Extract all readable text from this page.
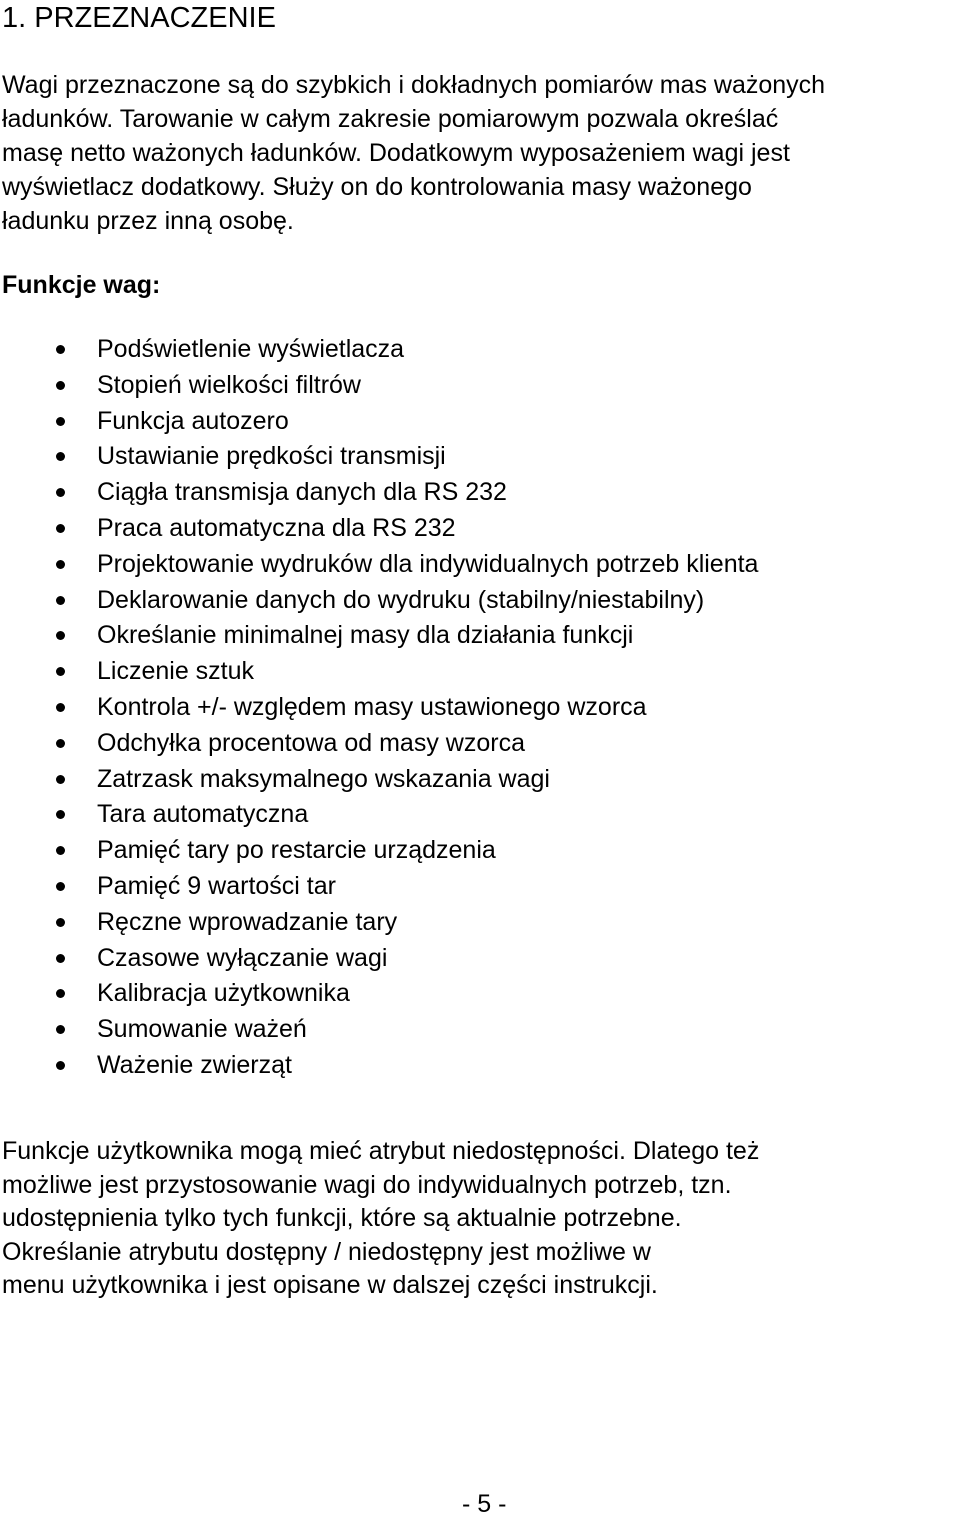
1. PRZEZNACZENIE

Wagi przeznaczone są do szybkich i dokładnych pomiarów mas ważonych
ładunków. Tarowanie w całym zakresie pomiarowym pozwala określać
masę netto ważonych ładunków. Dodatkowym wyposażeniem wagi jest
wyświetlacz dodatkowy. Służy on do kontrolowania masy ważonego
ładunku przez inną osobę.

Funkcje wag:
Podświetlenie wyświetlacza
Stopień wielkości filtrów
Funkcja autozero
Ustawianie prędkości transmisji
Ciągła transmisja danych dla RS 232
Praca automatyczna dla RS 232
Projektowanie wydruków dla indywidualnych potrzeb klienta
Deklarowanie danych do wydruku (stabilny/niestabilny)
Określanie minimalnej masy dla działania funkcji
Liczenie sztuk
Kontrola +/- względem masy ustawionego wzorca
Odchyłka procentowa od masy wzorca
Zatrzask maksymalnego wskazania wagi
Tara automatyczna
Pamięć tary po restarcie urządzenia
Pamięć 9 wartości tar
Ręczne wprowadzanie tary
Czasowe wyłączanie wagi
Kalibracja użytkownika
Sumowanie ważeń
Ważenie zwierząt

Funkcje użytkownika mogą mieć atrybut niedostępności. Dlatego też
możliwe jest przystosowanie wagi do indywidualnych potrzeb, tzn.
udostępnienia tylko tych funkcji, które są aktualnie potrzebne.
Określanie atrybutu dostępny / niedostępny jest możliwe w
menu użytkownika i jest opisane w dalszej części instrukcji.

- 5 -
